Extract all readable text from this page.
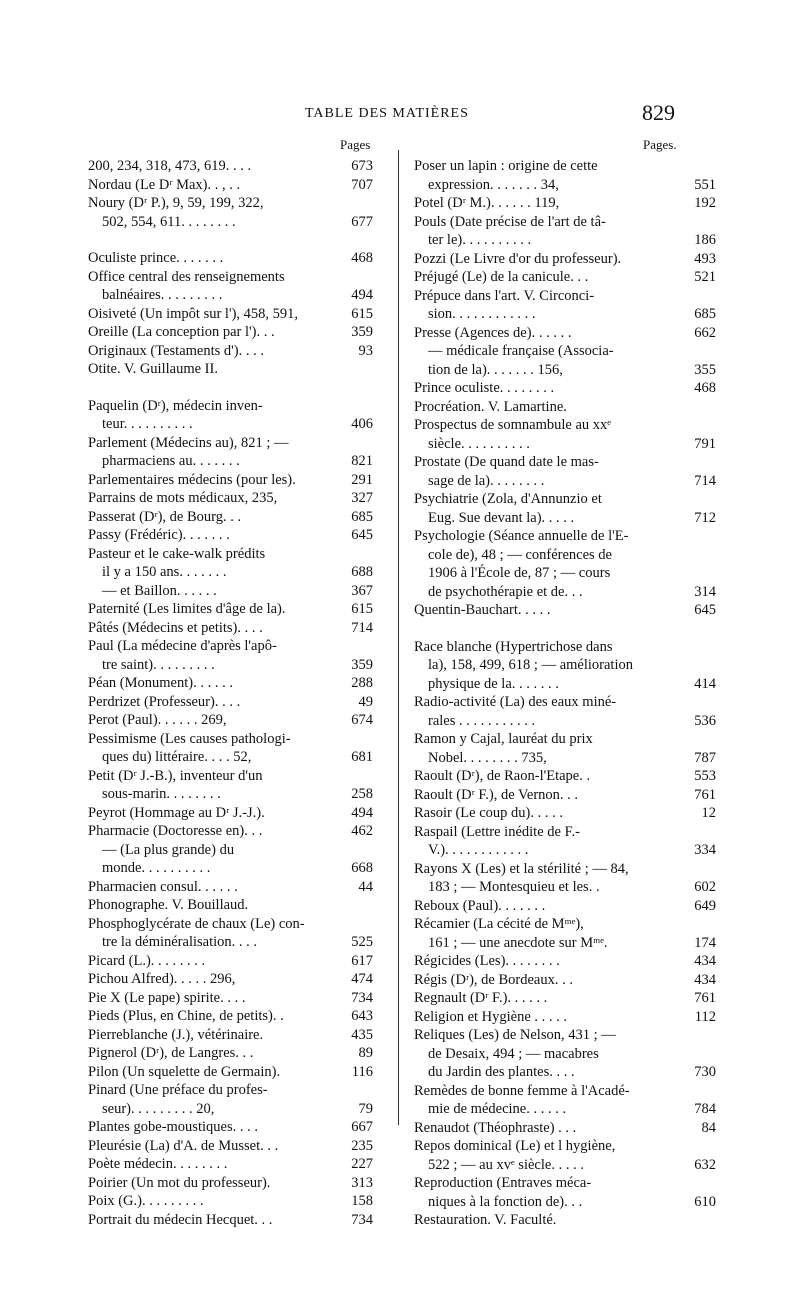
TABLE DES MATIÈRES	829
Pages	Pages.
200, 234, 318, 473, 619. . . .	673
Nordau (Le Dʳ Max). . , . .	707
Noury (Dʳ P.), 9, 59, 199, 322,
502, 554, 611. . . . . . . .	677
Oculiste prince. . . . . . .	468
Office central des renseignements
balnéaires. . . . . . . . .	494
Oisiveté (Un impôt sur l'), 458, 591,	615
Oreille (La conception par l'). . .	359
Originaux (Testaments d'). . . .	93
Otite. V. Guillaume II.
Paquelin (Dʳ), médecin inven-
teur. . . . . . . . . .	406
Parlement (Médecins au), 821 ; —
pharmaciens au. . . . . . .	821
Parlementaires médecins (pour les).	291
Parrains de mots médicaux, 235,	327
Passerat (Dʳ), de Bourg. . .	685
Passy (Frédéric). . . . . . .	645
Pasteur et le cake-walk prédits
il y a 150 ans. . . . . . .	688
— et Baillon. . . . . .	367
Paternité (Les limites d'âge de la).	615
Pâtés (Médecins et petits). . . .	714
Paul (La médecine d'après l'apô-
tre saint). . . . . . . . .	359
Péan (Monument). . . . . .	288
Perdrizet (Professeur). . . .	49
Perot (Paul). . . . . . 269,	674
Pessimisme (Les causes pathologi-
ques du) littéraire. . . . 52,	681
Petit (Dʳ J.-B.), inventeur d'un
sous-marin. . . . . . . .	258
Peyrot (Hommage au Dʳ J.-J.).	494
Pharmacie (Doctoresse en). . .	462
— (La plus grande) du
monde. . . . . . . . . .	668
Pharmacien consul. . . . . .	44
Phonographe. V. Bouillaud.
Phosphoglycérate de chaux (Le) con-
tre la déminéralisation. . . .	525
Picard (L.). . . . . . . .	617
Pichou Alfred). . . . . 296,	474
Pie X (Le pape) spirite. . . .	734
Pieds (Plus, en Chine, de petits). .	643
Pierreblanche (J.), vétérinaire.	435
Pignerol (Dʳ), de Langres. . .	89
Pilon (Un squelette de Germain).	116
Pinard (Une préface du profes-
seur). . . . . . . . . 20,	79
Plantes gobe-moustiques. . . .	667
Pleurésie (La) d'A. de Musset. . .	235
Poète médecin. . . . . . . .	227
Poirier (Un mot du professeur).	313
Poix (G.). . . . . . . . .	158
Portrait du médecin Hecquet. . .	734
Poser un lapin : origine de cette
expression. . . . . . . 34,	551
Potel (Dʳ M.). . . . . . 119,	192
Pouls (Date précise de l'art de tâ-
ter le). . . . . . . . . .	186
Pozzi (Le Livre d'or du professeur).	493
Préjugé (Le) de la canicule. . .	521
Prépuce dans l'art. V. Circonci-
sion. . . . . . . . . . . .	685
Presse (Agences de). . . . . .	662
— médicale française (Associa-
tion de la). . . . . . . 156,	355
Prince oculiste. . . . . . . .	468
Procréation. V. Lamartine.
Prospectus de somnambule au xxᵉ
siècle. . . . . . . . . .	791
Prostate (De quand date le mas-
sage de la). . . . . . . .	714
Psychiatrie (Zola, d'Annunzio et
Eug. Sue devant la). . . . .	712
Psychologie (Séance annuelle de l'E-
cole de), 48 ; — conférences de
1906 à l'École de, 87 ; — cours
de psychothérapie et de. . .	314
Quentin-Bauchart. . . . .	645
Race blanche (Hypertrichose dans
la), 158, 499, 618 ; — amélioration
physique de la. . . . . . .	414
Radio-activité (La) des eaux miné-
rales . . . . . . . . . . .	536
Ramon y Cajal, lauréat du prix
Nobel. . . . . . . . 735,	787
Raoult (Dʳ), de Raon-l'Etape. .	553
Raoult (Dʳ F.), de Vernon. . .	761
Rasoir (Le coup du). . . . .	12
Raspail (Lettre inédite de F.-
V.). . . . . . . . . . . .	334
Rayons X (Les) et la stérilité ; — 84,
183 ; — Montesquieu et les. .	602
Reboux (Paul). . . . . . .	649
Récamier (La cécité de Mᵐᵉ),
161 ; — une anecdote sur Mᵐᵉ.	174
Régicides (Les). . . . . . . .	434
Régis (Dʳ), de Bordeaux. . .	434
Regnault (Dʳ F.). . . . . .	761
Religion et Hygiène . . . . .	112
Reliques (Les) de Nelson, 431 ; —
de Desaix, 494 ; — macabres
du Jardin des plantes. . . .	730
Remèdes de bonne femme à l'Acadé-
mie de médecine. . . . . .	784
Renaudot (Théophraste) . . .	84
Repos dominical (Le) et l hygiène,
522 ; — au xvᵉ siècle. . . . .	632
Reproduction (Entraves méca-
niques à la fonction de). . .	610
Restauration. V. Faculté.
